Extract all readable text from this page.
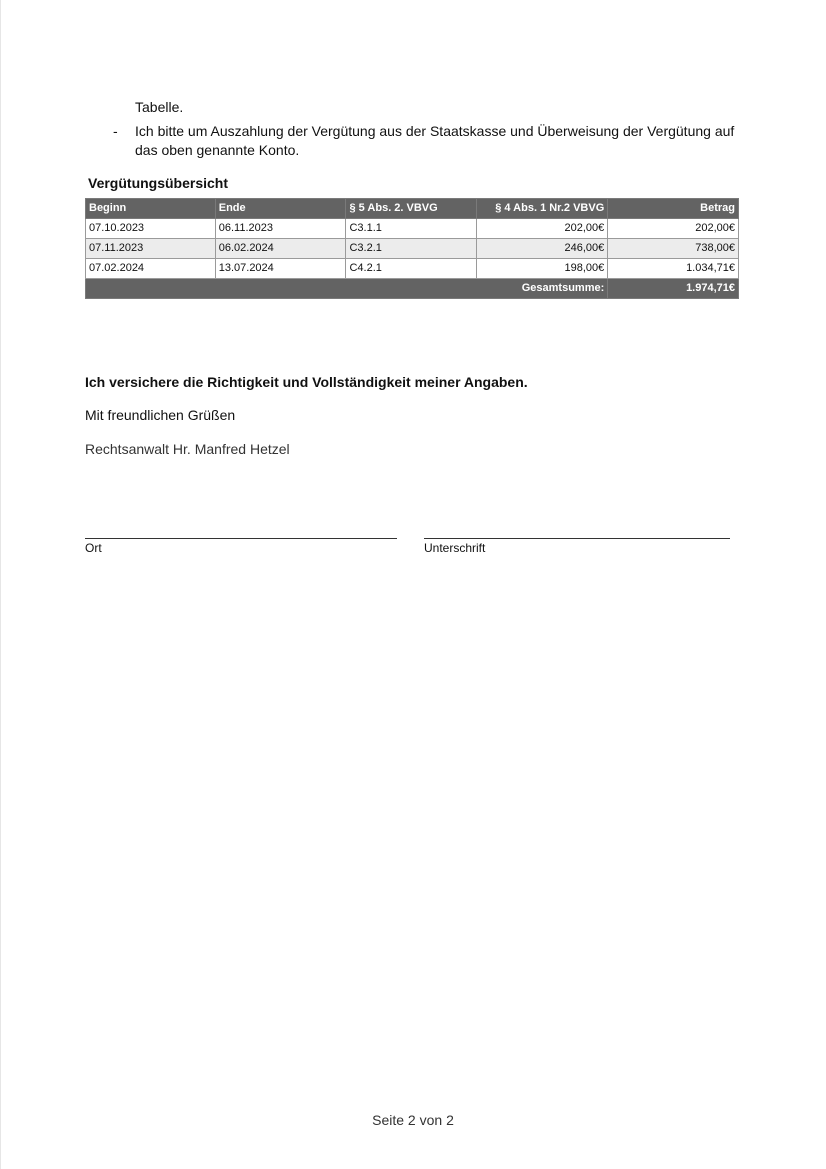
Tabelle.
- Ich bitte um Auszahlung der Vergütung aus der Staatskasse und Überweisung der Vergütung auf das oben genannte Konto.
Vergütungsübersicht
Beginn	Ende	§ 5 Abs. 2. VBVG	§ 4 Abs. 1 Nr.2 VBVG	Betrag
07.10.2023	06.11.2023	C3.1.1	202,00€	202,00€
07.11.2023	06.02.2024	C3.2.1	246,00€	738,00€
07.02.2024	13.07.2024	C4.2.1	198,00€	1.034,71€
Gesamtsumme:				1.974,71€
Ich versichere die Richtigkeit und Vollständigkeit meiner Angaben.
Mit freundlichen Grüßen
Rechtsanwalt Hr. Manfred Hetzel
Ort	Unterschrift
Seite 2 von 2
